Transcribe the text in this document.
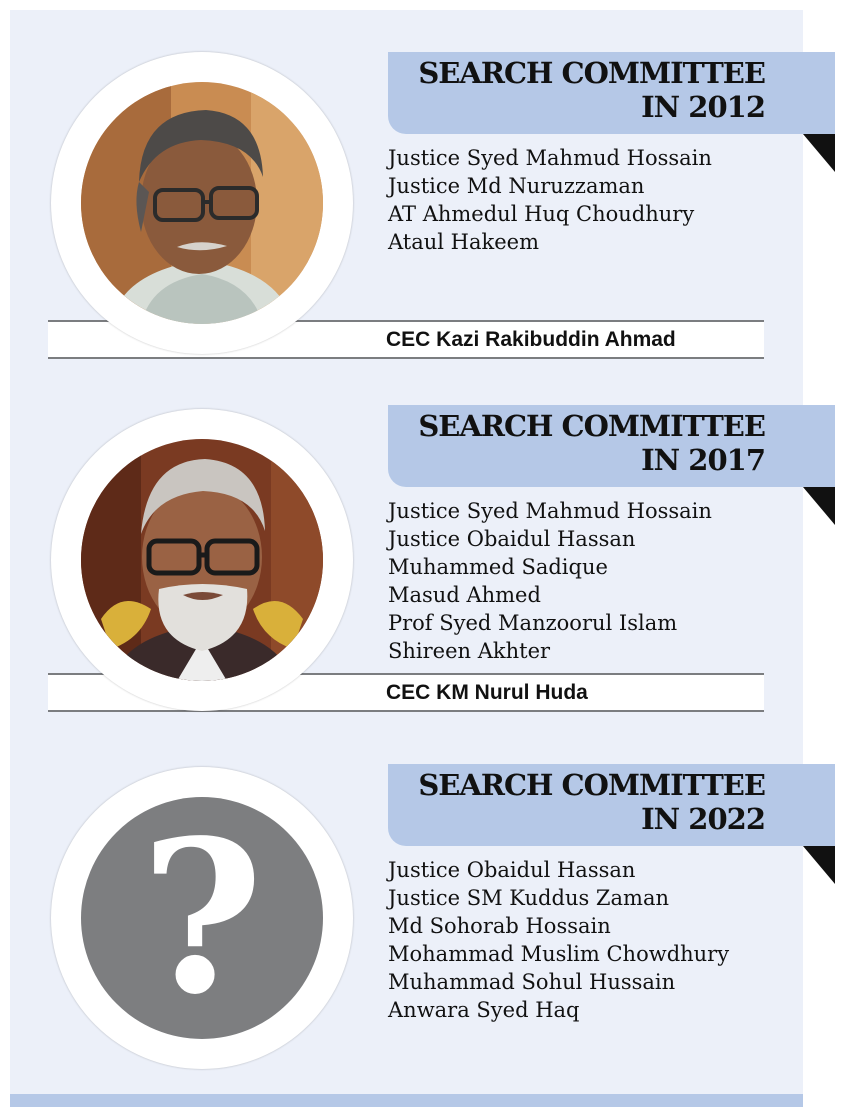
SEARCH COMMITTEE
IN 2012
Justice Syed Mahmud Hossain
Justice Md Nuruzzaman
AT Ahmedul Huq Choudhury
Ataul Hakeem
CEC Kazi Rakibuddin Ahmad
SEARCH COMMITTEE
IN 2017
Justice Syed Mahmud Hossain
Justice Obaidul Hassan
Muhammed Sadique
Masud Ahmed
Prof Syed Manzoorul Islam
Shireen Akhter
CEC KM Nurul Huda
SEARCH COMMITTEE
IN 2022
Justice Obaidul Hassan
Justice SM Kuddus Zaman
Md Sohorab Hossain
Mohammad Muslim Chowdhury
Muhammad Sohul Hussain
Anwara Syed Haq
?
